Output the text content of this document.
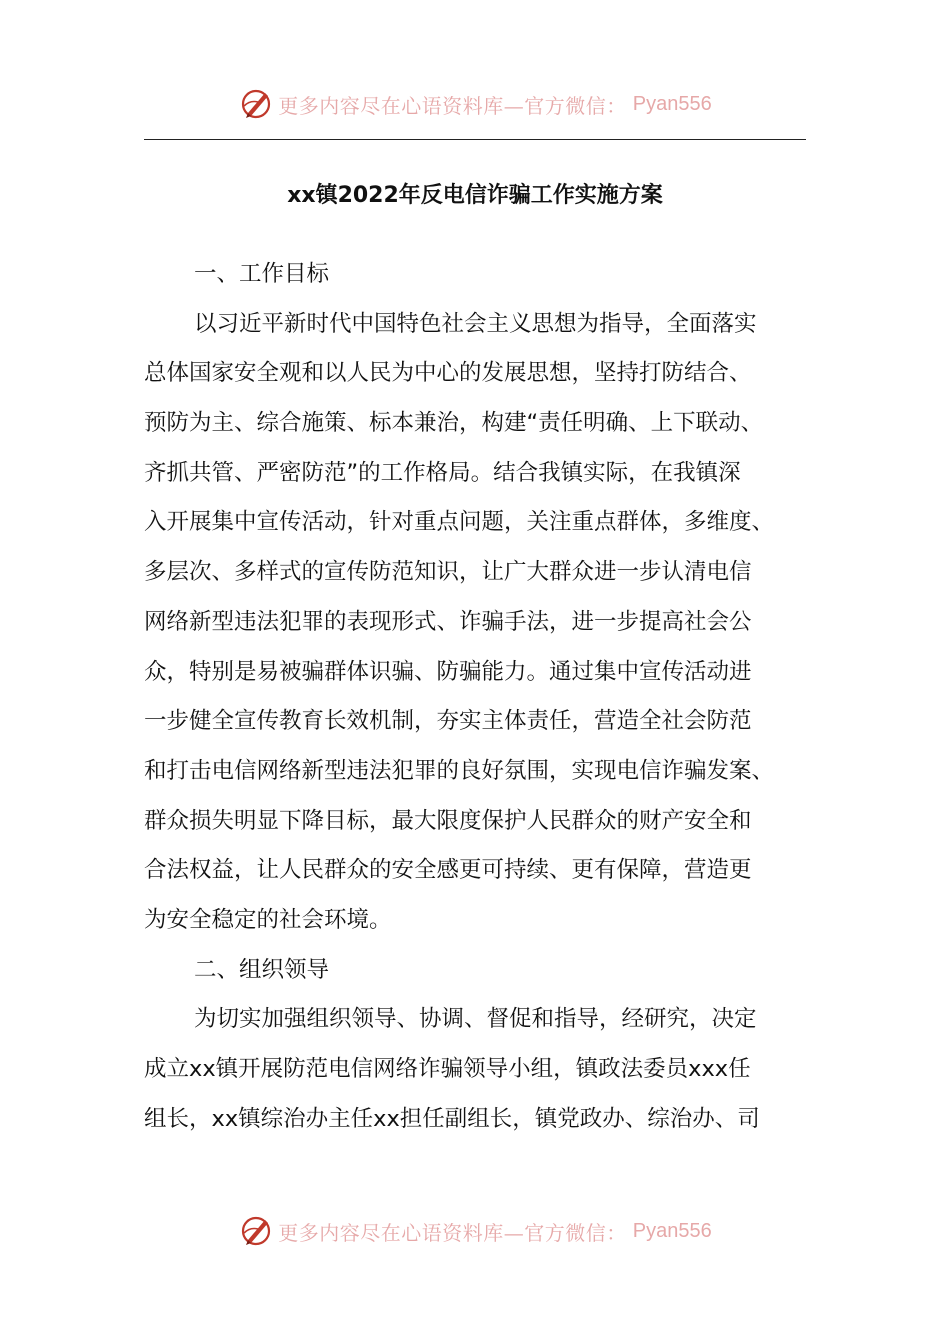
更多内容尽在心语资料库—官方微信： Pyan556
xx镇2022年反电信诈骗工作实施方案
一、工作目标
以习近平新时代中国特色社会主义思想为指导，全面落实
总体国家安全观和以人民为中心的发展思想，坚持打防结合、
预防为主、综合施策、标本兼治，构建“责任明确、上下联动、
齐抓共管、严密防范”的工作格局。结合我镇实际，在我镇深
入开展集中宣传活动，针对重点问题，关注重点群体，多维度、
多层次、多样式的宣传防范知识，让广大群众进一步认清电信
网络新型违法犯罪的表现形式、诈骗手法，进一步提高社会公
众，特别是易被骗群体识骗、防骗能力。通过集中宣传活动进
一步健全宣传教育长效机制，夯实主体责任，营造全社会防范
和打击电信网络新型违法犯罪的良好氛围，实现电信诈骗发案、
群众损失明显下降目标，最大限度保护人民群众的财产安全和
合法权益，让人民群众的安全感更可持续、更有保障，营造更
为安全稳定的社会环境。
二、组织领导
为切实加强组织领导、协调、督促和指导，经研究，决定
成立xx镇开展防范电信网络诈骗领导小组，镇政法委员xxx任
组长，xx镇综治办主任xx担任副组长，镇党政办、综治办、司
更多内容尽在心语资料库—官方微信： Pyan556
